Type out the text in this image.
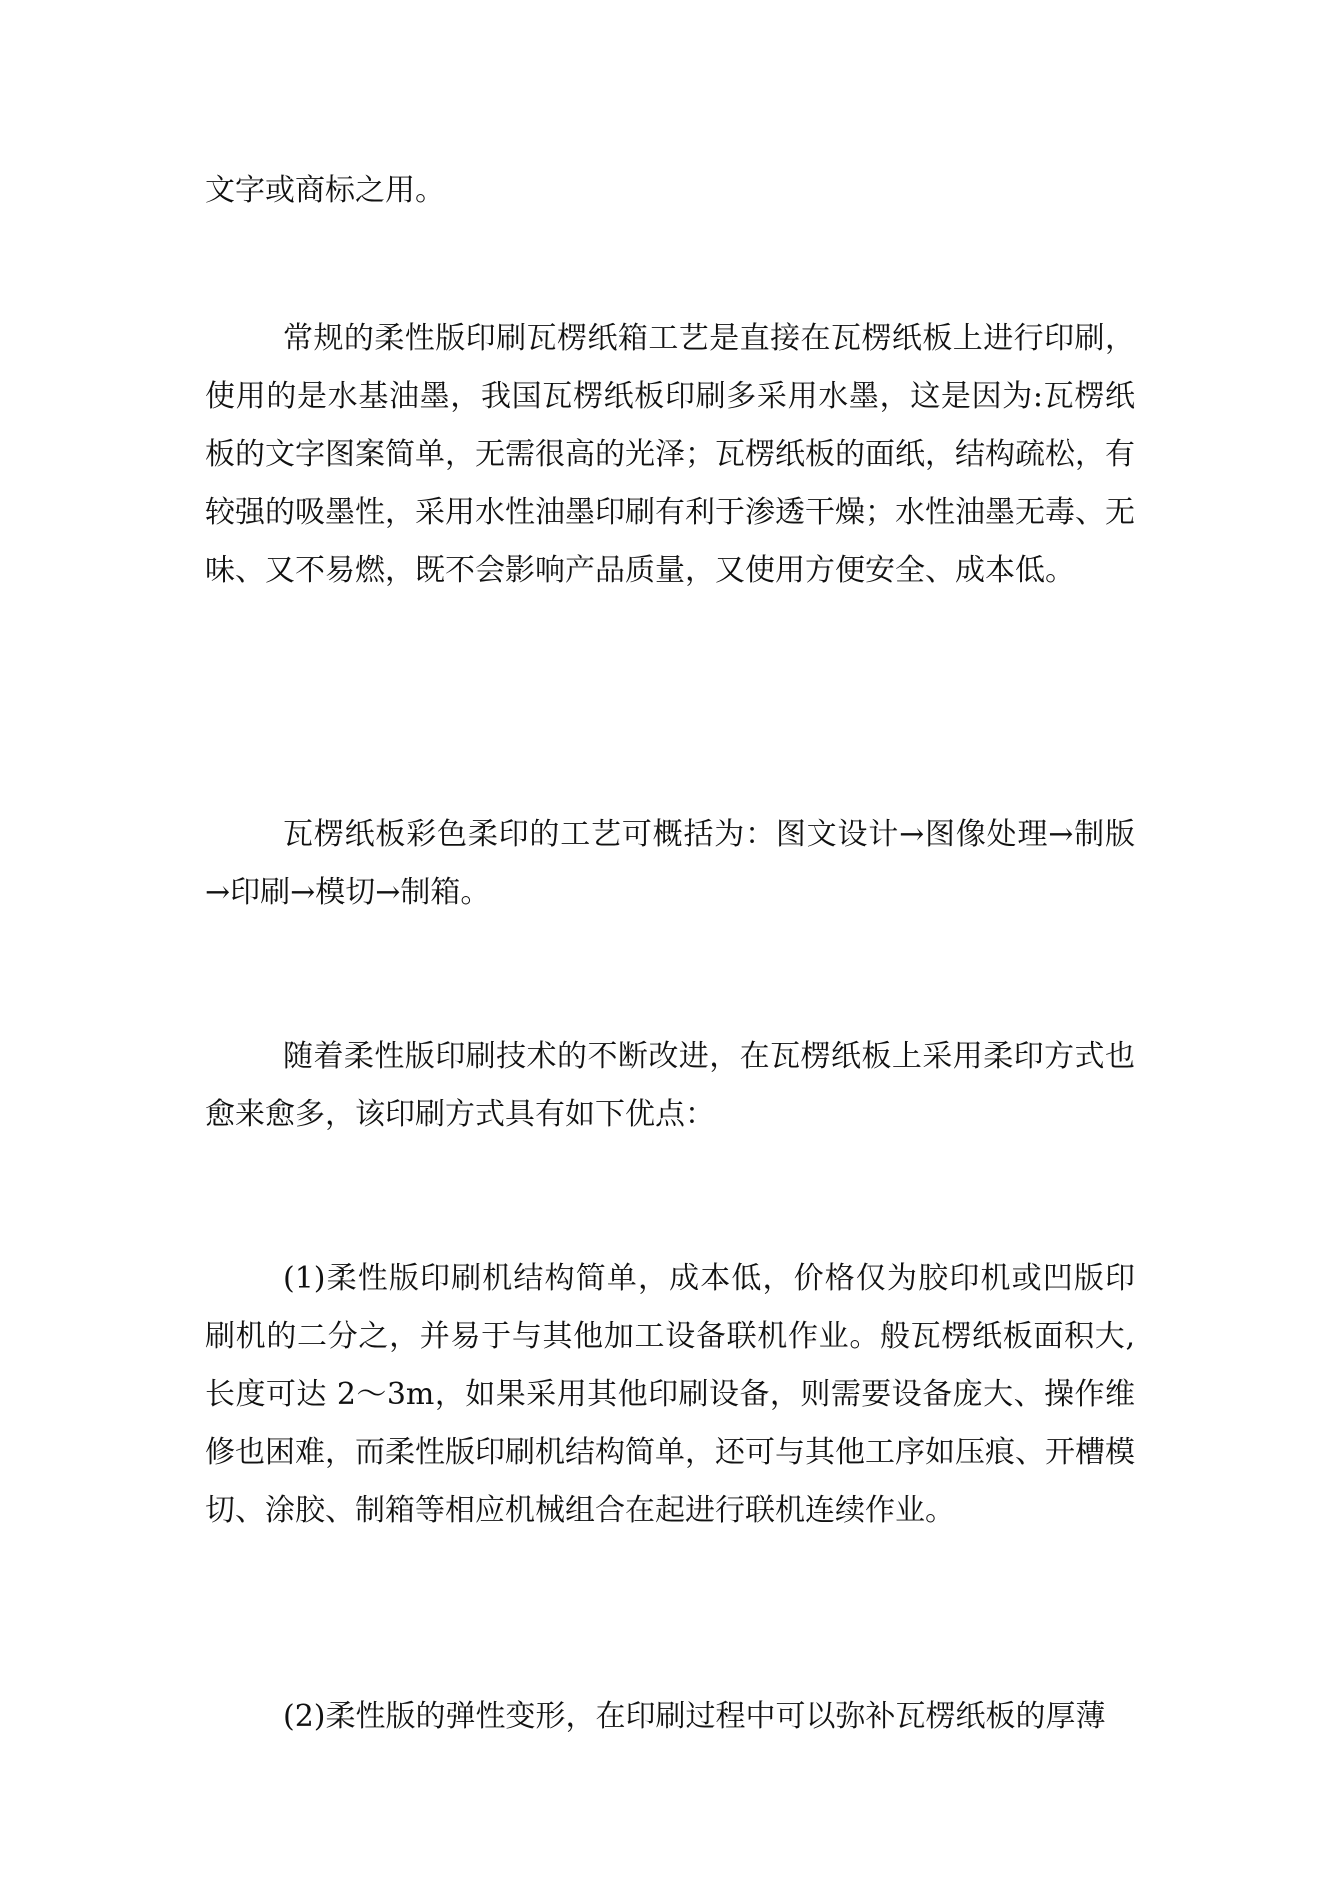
文字或商标之用。

常规的柔性版印刷瓦楞纸箱工艺是直接在瓦楞纸板上进行印刷，使用的是水基油墨，我国瓦楞纸板印刷多采用水墨，这是因为:瓦楞纸板的文字图案简单，无需很高的光泽；瓦楞纸板的面纸，结构疏松，有较强的吸墨性，采用水性油墨印刷有利于渗透干燥；水性油墨无毒、无味、又不易燃，既不会影响产品质量，又使用方便安全、成本低。

瓦楞纸板彩色柔印的工艺可概括为：图文设计→图像处理→制版→印刷→模切→制箱。

随着柔性版印刷技术的不断改进，在瓦楞纸板上采用柔印方式也愈来愈多，该印刷方式具有如下优点：

(1)柔性版印刷机结构简单，成本低，价格仅为胶印机或凹版印刷机的二分之，并易于与其他加工设备联机作业。般瓦楞纸板面积大,长度可达 2～3m，如果采用其他印刷设备，则需要设备庞大、操作维修也困难，而柔性版印刷机结构简单，还可与其他工序如压痕、开槽模切、涂胶、制箱等相应机械组合在起进行联机连续作业。

(2)柔性版的弹性变形，在印刷过程中可以弥补瓦楞纸板的厚薄
